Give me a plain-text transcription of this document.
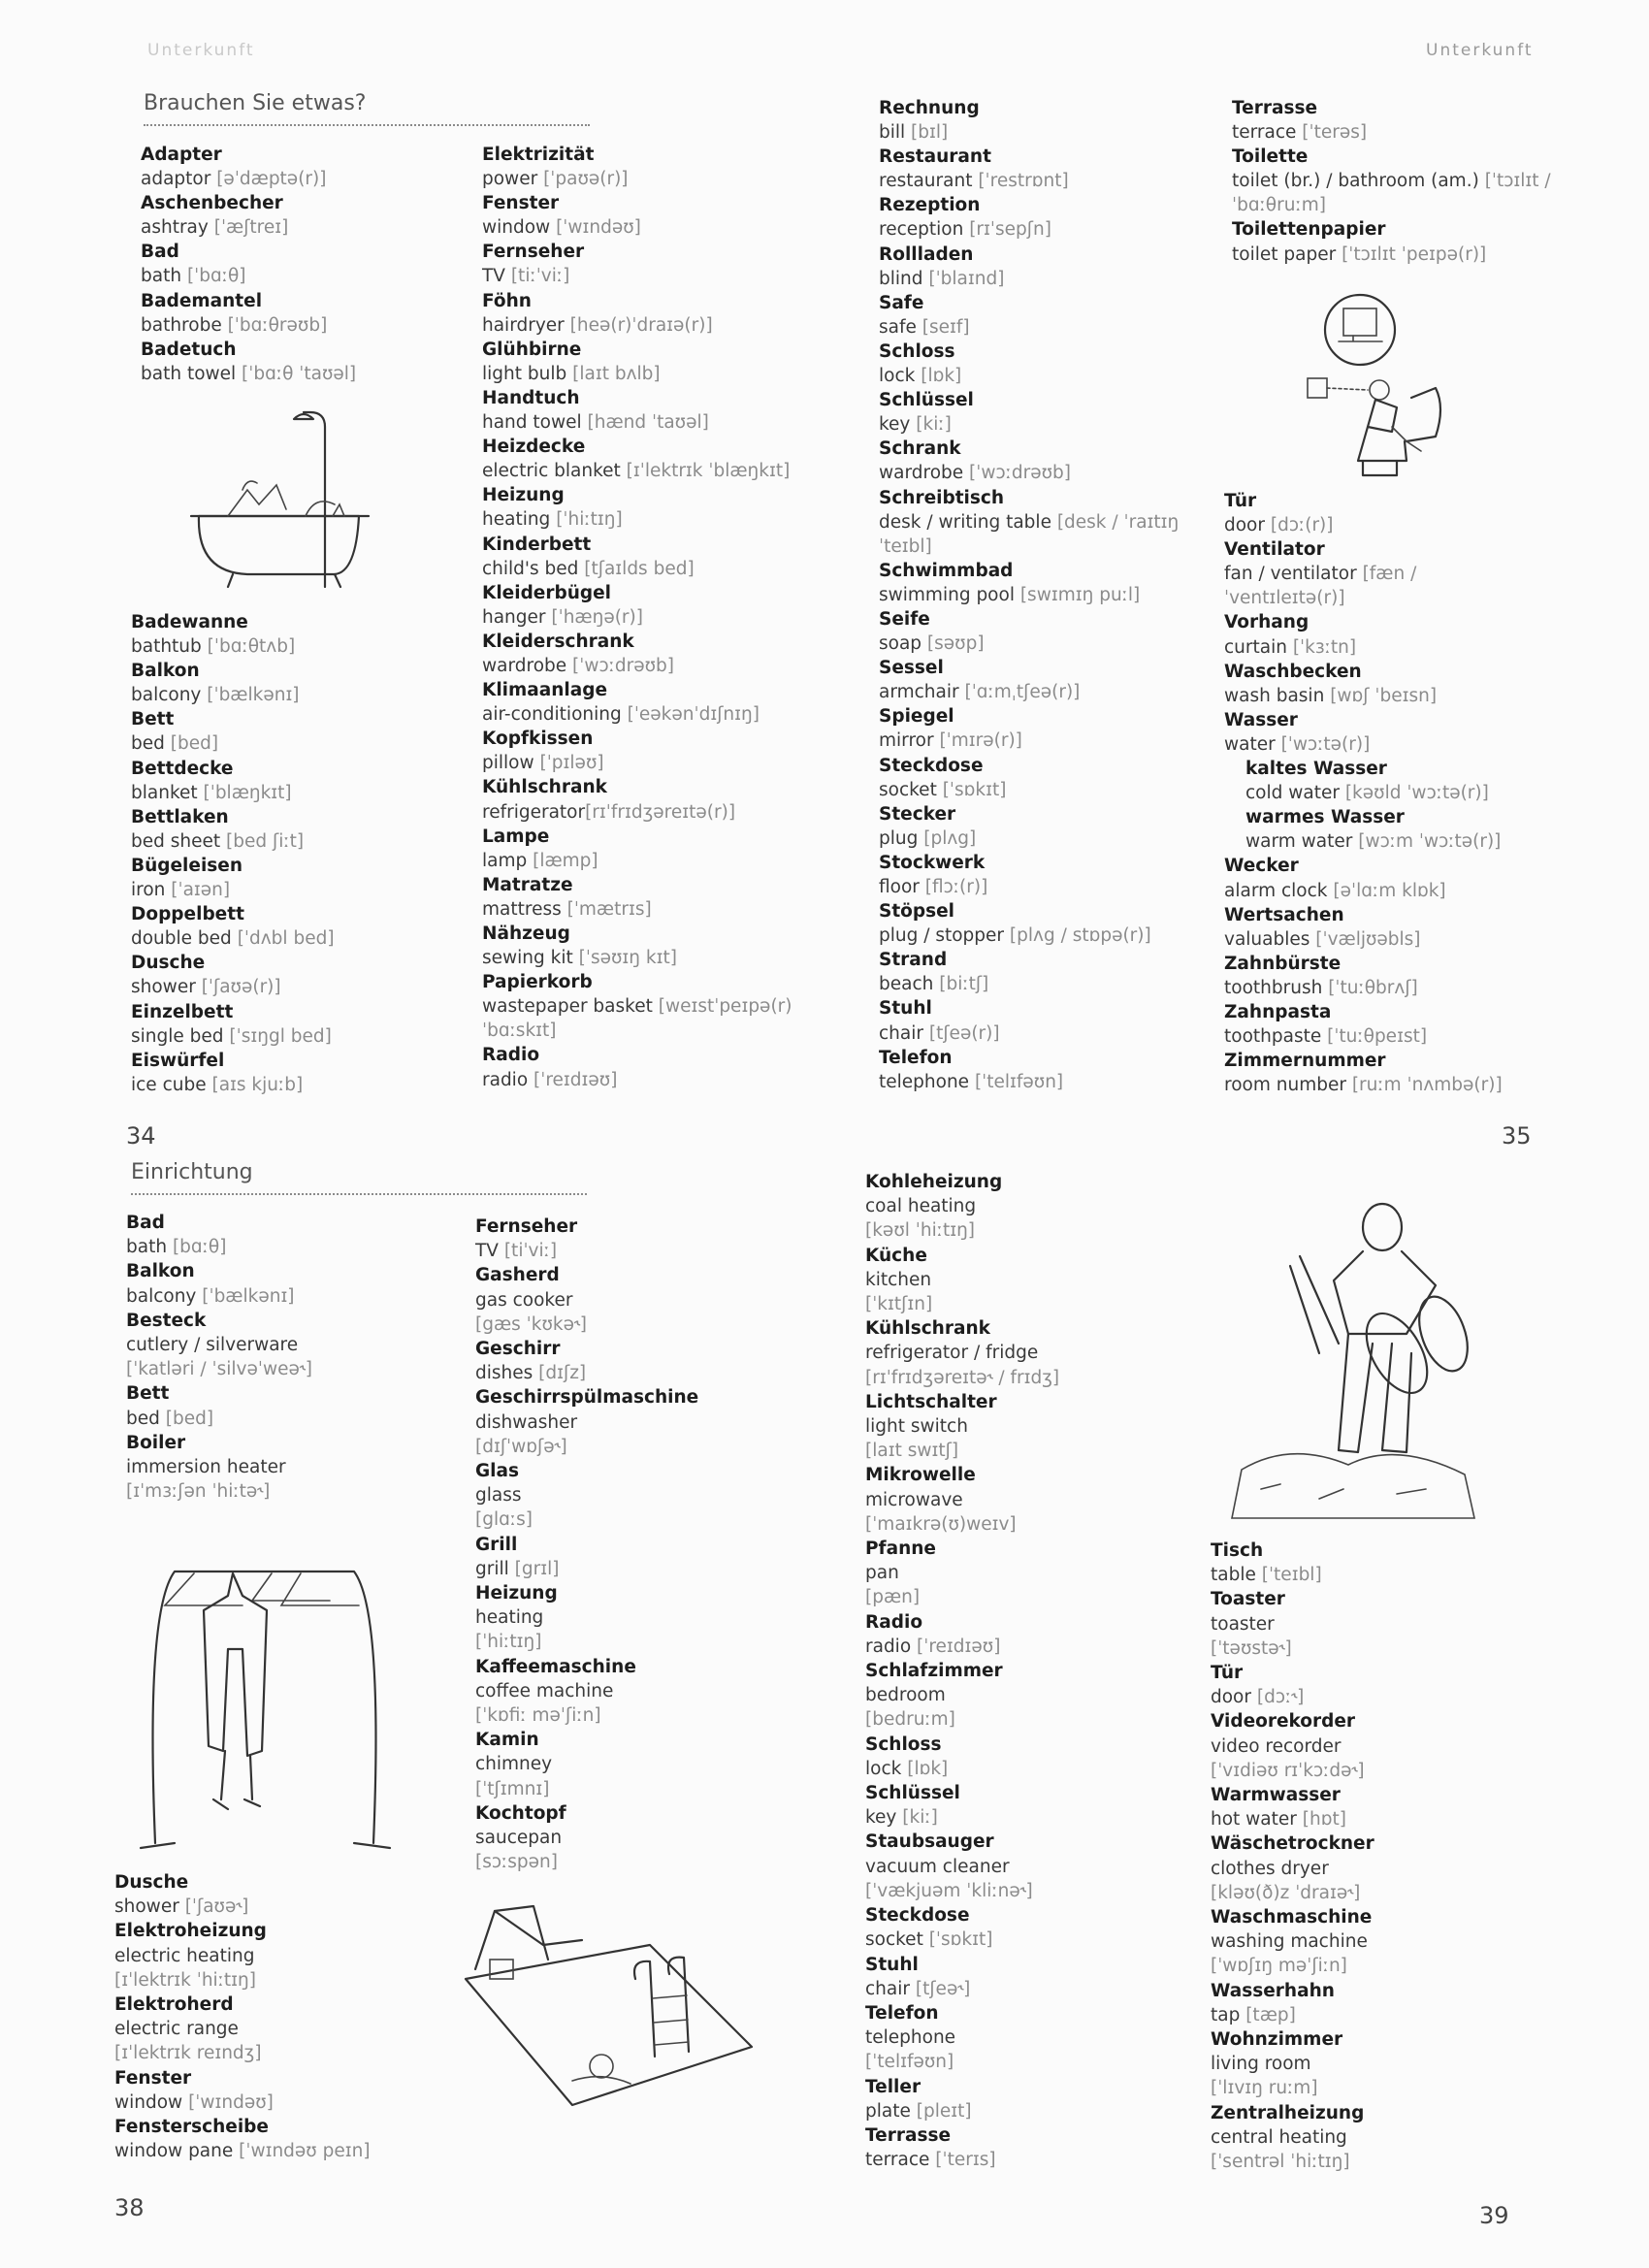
Unterkunft	Unterkunft
Brauchen Sie etwas?
Adapter
adaptor [əˈdæptə(r)]
Aschenbecher
ashtray [ˈæʃtreɪ]
Bad
bath [ˈbɑːθ]
Bademantel
bathrobe [ˈbɑːθrəʊb]
Badetuch
bath towel [ˈbɑːθ ˈtaʊəl]
Badewanne
bathtub [ˈbɑːθtʌb]
Balkon
balcony [ˈbælkənɪ]
Bett
bed [bed]
Bettdecke
blanket [ˈblæŋkɪt]
Bettlaken
bed sheet [bed ʃiːt]
Bügeleisen
iron [ˈaɪən]
Doppelbett
double bed [ˈdʌbl bed]
Dusche
shower [ˈʃaʊə(r)]
Einzelbett
single bed [ˈsɪŋgl bed]
Eiswürfel
ice cube [aɪs kjuːb]
Elektrizität
power [ˈpaʊə(r)]
Fenster
window [ˈwɪndəʊ]
Fernseher
TV [tiːˈviː]
Föhn
hairdryer [heə(r)ˈdraɪə(r)]
Glühbirne
light bulb [laɪt bʌlb]
Handtuch
hand towel [hænd ˈtaʊəl]
Heizdecke
electric blanket [ɪˈlektrɪk ˈblæŋkɪt]
Heizung
heating [ˈhiːtɪŋ]
Kinderbett
child's bed [tʃaɪlds bed]
Kleiderbügel
hanger [ˈhæŋə(r)]
Kleiderschrank
wardrobe [ˈwɔːdrəʊb]
Klimaanlage
air-conditioning [ˈeəkənˈdɪʃnɪŋ]
Kopfkissen
pillow [ˈpɪləʊ]
Kühlschrank
refrigerator[rɪˈfrɪdʒəreɪtə(r)]
Lampe
lamp [læmp]
Matratze
mattress [ˈmætrɪs]
Nähzeug
sewing kit [ˈsəʊɪŋ kɪt]
Papierkorb
wastepaper basket [weɪstˈpeɪpə(r)
ˈbɑːskɪt]
Radio
radio [ˈreɪdɪəʊ]
Rechnung
bill [bɪl]
Restaurant
restaurant [ˈrestrɒnt]
Rezeption
reception [rɪˈsepʃn]
Rollladen
blind [ˈblaɪnd]
Safe
safe [seɪf]
Schloss
lock [lɒk]
Schlüssel
key [kiː]
Schrank
wardrobe [ˈwɔːdrəʊb]
Schreibtisch
desk / writing table [desk / ˈraɪtɪŋ
ˈteɪbl]
Schwimmbad
swimming pool [swɪmɪŋ puːl]
Seife
soap [səʊp]
Sessel
armchair [ˈɑːmˌtʃeə(r)]
Spiegel
mirror [ˈmɪrə(r)]
Steckdose
socket [ˈsɒkɪt]
Stecker
plug [plʌg]
Stockwerk
floor [flɔː(r)]
Stöpsel
plug / stopper [plʌg / stɒpə(r)]
Strand
beach [biːtʃ]
Stuhl
chair [tʃeə(r)]
Telefon
telephone [ˈtelɪfəʊn]
Terrasse
terrace [ˈterəs]
Toilette
toilet (br.) / bathroom (am.) [ˈtɔɪlɪt /
ˈbɑːθruːm]
Toilettenpapier
toilet paper [ˈtɔɪlɪt ˈpeɪpə(r)]
Tür
door [dɔː(r)]
Ventilator
fan / ventilator [fæn /
ˈventɪleɪtə(r)]
Vorhang
curtain [ˈkɜːtn]
Waschbecken
wash basin [wɒʃ ˈbeɪsn]
Wasser
water [ˈwɔːtə(r)]
kaltes Wasser
cold water [kəʊld ˈwɔːtə(r)]
warmes Wasser
warm water [wɔːm ˈwɔːtə(r)]
Wecker
alarm clock [əˈlɑːm klɒk]
Wertsachen
valuables [ˈvæljʊəbls]
Zahnbürste
toothbrush [ˈtuːθbrʌʃ]
Zahnpasta
toothpaste [ˈtuːθpeɪst]
Zimmernummer
room number [ruːm ˈnʌmbə(r)]
34	35
Einrichtung
Bad
bath [bɑːθ]
Balkon
balcony [ˈbælkənɪ]
Besteck
cutlery / silverware
[ˈkatləri / ˈsilvəˈweə˞]
Bett
bed [bed]
Boiler
immersion heater
[ɪˈmɜːʃən ˈhiːtə˞]
Dusche
shower [ˈʃaʊə˞]
Elektroheizung
electric heating
[ɪˈlektrɪk ˈhiːtɪŋ]
Elektroherd
electric range
[ɪˈlektrɪk reɪndʒ]
Fenster
window [ˈwɪndəʊ]
Fensterscheibe
window pane [ˈwɪndəʊ peɪn]
Fernseher
TV [tiˈviː]
Gasherd
gas cooker
[gæs ˈkʊkə˞]
Geschirr
dishes [dɪʃz]
Geschirrspülmaschine
dishwasher
[dɪʃˈwɒʃə˞]
Glas
glass
[glɑːs]
Grill
grill [grɪl]
Heizung
heating
[ˈhiːtɪŋ]
Kaffeemaschine
coffee machine
[ˈkɒfiː məˈʃiːn]
Kamin
chimney
[ˈtʃɪmnɪ]
Kochtopf
saucepan
[sɔːspən]
Kohleheizung
coal heating
[kəʊl ˈhiːtɪŋ]
Küche
kitchen
[ˈkɪtʃɪn]
Kühlschrank
refrigerator / fridge
[rɪˈfrɪdʒəreɪtə˞ / frɪdʒ]
Lichtschalter
light switch
[laɪt swɪtʃ]
Mikrowelle
microwave
[ˈmaɪkrə(ʊ)weɪv]
Pfanne
pan
[pæn]
Radio
radio [ˈreɪdɪəʊ]
Schlafzimmer
bedroom
[bedruːm]
Schloss
lock [lɒk]
Schlüssel
key [kiː]
Staubsauger
vacuum cleaner
[ˈvækjuəm ˈkliːnə˞]
Steckdose
socket [ˈsɒkɪt]
Stuhl
chair [tʃeə˞]
Telefon
telephone
[ˈtelɪfəʊn]
Teller
plate [pleɪt]
Terrasse
terrace [ˈterɪs]
Tisch
table [ˈteɪbl]
Toaster
toaster
[ˈtəʊstə˞]
Tür
door [dɔː˞]
Videorekorder
video recorder
[ˈvɪdiəʊ rɪˈkɔːdə˞]
Warmwasser
hot water [hɒt]
Wäschetrockner
clothes dryer
[kləʊ(ð)z ˈdraɪə˞]
Waschmaschine
washing machine
[ˈwɒʃɪŋ məˈʃiːn]
Wasserhahn
tap [tæp]
Wohnzimmer
living room
[ˈlɪvɪŋ ruːm]
Zentralheizung
central heating
[ˈsentrəl ˈhiːtɪŋ]
38	39
